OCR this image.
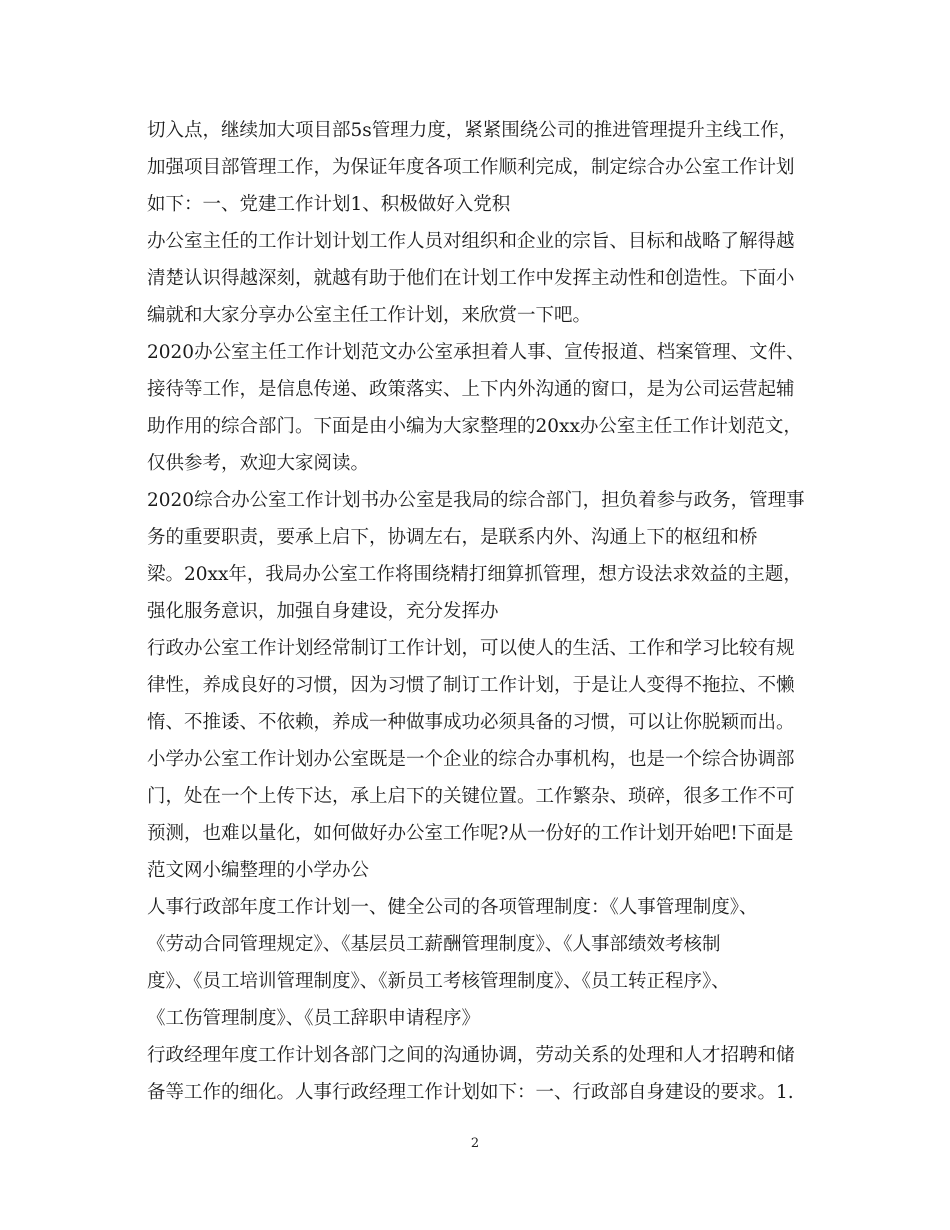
切入点，继续加大项目部5s管理力度，紧紧围绕公司的推进管理提升主线工作，
加强项目部管理工作，为保证年度各项工作顺利完成，制定综合办公室工作计划
如下：一、党建工作计划1、积极做好入党积
办公室主任的工作计划计划工作人员对组织和企业的宗旨、目标和战略了解得越
清楚认识得越深刻，就越有助于他们在计划工作中发挥主动性和创造性。下面小
编就和大家分享办公室主任工作计划，来欣赏一下吧。
2020办公室主任工作计划范文办公室承担着人事、宣传报道、档案管理、文件、
接待等工作，是信息传递、政策落实、上下内外沟通的窗口，是为公司运营起辅
助作用的综合部门。下面是由小编为大家整理的20xx办公室主任工作计划范文，
仅供参考，欢迎大家阅读。
2020综合办公室工作计划书办公室是我局的综合部门，担负着参与政务，管理事
务的重要职责，要承上启下，协调左右，是联系内外、沟通上下的枢纽和桥
梁。20xx年，我局办公室工作将围绕精打细算抓管理，想方设法求效益的主题，
强化服务意识，加强自身建设，充分发挥办
行政办公室工作计划经常制订工作计划，可以使人的生活、工作和学习比较有规
律性，养成良好的习惯，因为习惯了制订工作计划，于是让人变得不拖拉、不懒
惰、不推诿、不依赖，养成一种做事成功必须具备的习惯，可以让你脱颖而出。
小学办公室工作计划办公室既是一个企业的综合办事机构，也是一个综合协调部
门，处在一个上传下达，承上启下的关键位置。工作繁杂、琐碎，很多工作不可
预测，也难以量化，如何做好办公室工作呢?从一份好的工作计划开始吧!下面是
范文网小编整理的小学办公
人事行政部年度工作计划一、健全公司的各项管理制度：《人事管理制度》、
《劳动合同管理规定》、《基层员工薪酬管理制度》、《人事部绩效考核制
度》、《员工培训管理制度》、《新员工考核管理制度》、《员工转正程序》、
《工伤管理制度》、《员工辞职申请程序》
行政经理年度工作计划各部门之间的沟通协调，劳动关系的处理和人才招聘和储
备等工作的细化。人事行政经理工作计划如下：一、行政部自身建设的要求。1.
2
